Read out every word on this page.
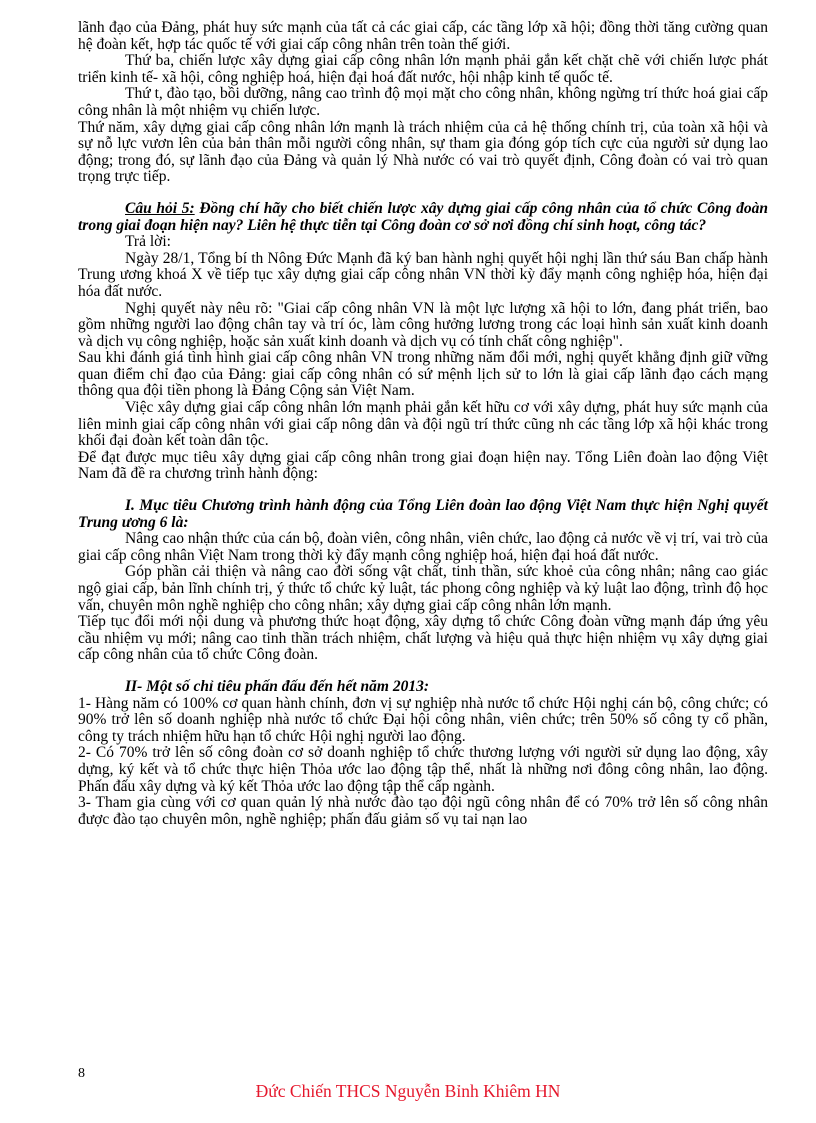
lãnh đạo của Đảng, phát huy sức mạnh của tất cả các giai cấp, các tầng lớp xã hội; đồng thời tăng cường quan hệ đoàn kết, hợp tác quốc tế với giai cấp công nhân trên toàn thế giới.

Thứ ba, chiến lược xây dựng giai cấp công nhân lớn mạnh phải gắn kết chặt chẽ với chiến lược phát triển kinh tế- xã hội, công nghiệp hoá, hiện đại hoá đất nước, hội nhập kinh tế quốc tế.

Thứ t, đào tạo, bồi dưỡng, nâng cao trình độ mọi mặt cho công nhân, không ngừng trí thức hoá giai cấp công nhân là một nhiệm vụ chiến lược.

Thứ năm, xây dựng giai cấp công nhân lớn mạnh là trách nhiệm của cả hệ thống chính trị, của toàn xã hội và sự nỗ lực vươn lên của bản thân mỗi người công nhân, sự tham gia đóng góp tích cực của người sử dụng lao động; trong đó, sự lãnh đạo của Đảng và quản lý Nhà nước có vai trò quyết định, Công đoàn có vai trò quan trọng trực tiếp.

Câu hỏi 5: Đồng chí hãy cho biết chiến lược xây dựng giai cấp công nhân của tổ chức Công đoàn trong giai đoạn hiện nay? Liên hệ thực tiễn tại Công đoàn cơ sở nơi đồng chí sinh hoạt, công tác?

Trả lời:

Ngày 28/1, Tổng bí th Nông Đức Mạnh đã ký ban hành nghị quyết hội nghị lần thứ sáu Ban chấp hành Trung ương khoá X về tiếp tục xây dựng giai cấp công nhân VN thời kỳ đẩy mạnh công nghiệp hóa, hiện đại hóa đất nước.

Nghị quyết này nêu rõ: "Giai cấp công nhân VN là một lực lượng xã hội to lớn, đang phát triển, bao gồm những người lao động chân tay và trí óc, làm công hưởng lương trong các loại hình sản xuất kinh doanh và dịch vụ công nghiệp, hoặc sản xuất kinh doanh và dịch vụ có tính chất công nghiệp".

Sau khi đánh giá tình hình giai cấp công nhân VN trong những năm đổi mới, nghị quyết khẳng định giữ vững quan điểm chỉ đạo của Đảng: giai cấp công nhân có sứ mệnh lịch sử to lớn là giai cấp lãnh đạo cách mạng thông qua đội tiền phong là Đảng Cộng sản Việt Nam.

Việc xây dựng giai cấp công nhân lớn mạnh phải gắn kết hữu cơ với xây dựng, phát huy sức mạnh của liên minh giai cấp công nhân với giai cấp nông dân và đội ngũ trí thức cũng nh các tầng lớp xã hội khác trong khối đại đoàn kết toàn dân tộc.

Để đạt được mục tiêu xây dựng giai cấp công nhân trong giai đoạn hiện nay. Tổng Liên đoàn lao động Việt Nam đã đề ra chương trình hành động:

I. Mục tiêu Chương trình hành động của Tổng Liên đoàn lao động Việt Nam thực hiện Nghị quyết Trung ương 6 là:

Nâng cao nhận thức của cán bộ, đoàn viên, công nhân, viên chức, lao động cả nước về vị trí, vai trò của giai cấp công nhân Việt Nam trong thời kỳ đẩy mạnh công nghiệp hoá, hiện đại hoá đất nước.

Góp phần cải thiện và nâng cao đời sống vật chất, tinh thần, sức khoẻ của công nhân; nâng cao giác ngộ giai cấp, bản lĩnh chính trị, ý thức tổ chức kỷ luật, tác phong công nghiệp và kỷ luật lao động, trình độ học vấn, chuyên môn nghề nghiệp cho công nhân; xây dựng giai cấp công nhân lớn mạnh.

Tiếp tục đổi mới nội dung và phương thức hoạt động, xây dựng tổ chức Công đoàn vững mạnh đáp ứng yêu cầu nhiệm vụ mới; nâng cao tinh thần trách nhiệm, chất lượng và hiệu quả thực hiện nhiệm vụ xây dựng giai cấp công nhân của tổ chức Công đoàn.

II- Một số chỉ tiêu phấn đấu đến hết năm 2013:

1- Hàng năm có 100% cơ quan hành chính, đơn vị sự nghiệp nhà nước tổ chức Hội nghị cán bộ, công chức; có 90% trở lên số doanh nghiệp nhà nước tổ chức Đại hội công nhân, viên chức; trên 50% số công ty cổ phần, công ty trách nhiệm hữu hạn tổ chức Hội nghị người lao động.

2- Có 70% trở lên số công đoàn cơ sở doanh nghiệp tổ chức thương lượng với người sử dụng lao động, xây dựng, ký kết và tổ chức thực hiện Thỏa ước lao động tập thể, nhất là những nơi đông công nhân, lao động. Phấn đấu xây dựng và ký kết Thỏa ước lao động tập thể cấp ngành.

3- Tham gia cùng với cơ quan quản lý nhà nước đào tạo đội ngũ công nhân để có 70% trở lên số công nhân được đào tạo chuyên môn, nghề nghiệp; phấn đấu giảm số vụ tai nạn lao

8
Đức Chiến THCS Nguyễn Bỉnh Khiêm HN
